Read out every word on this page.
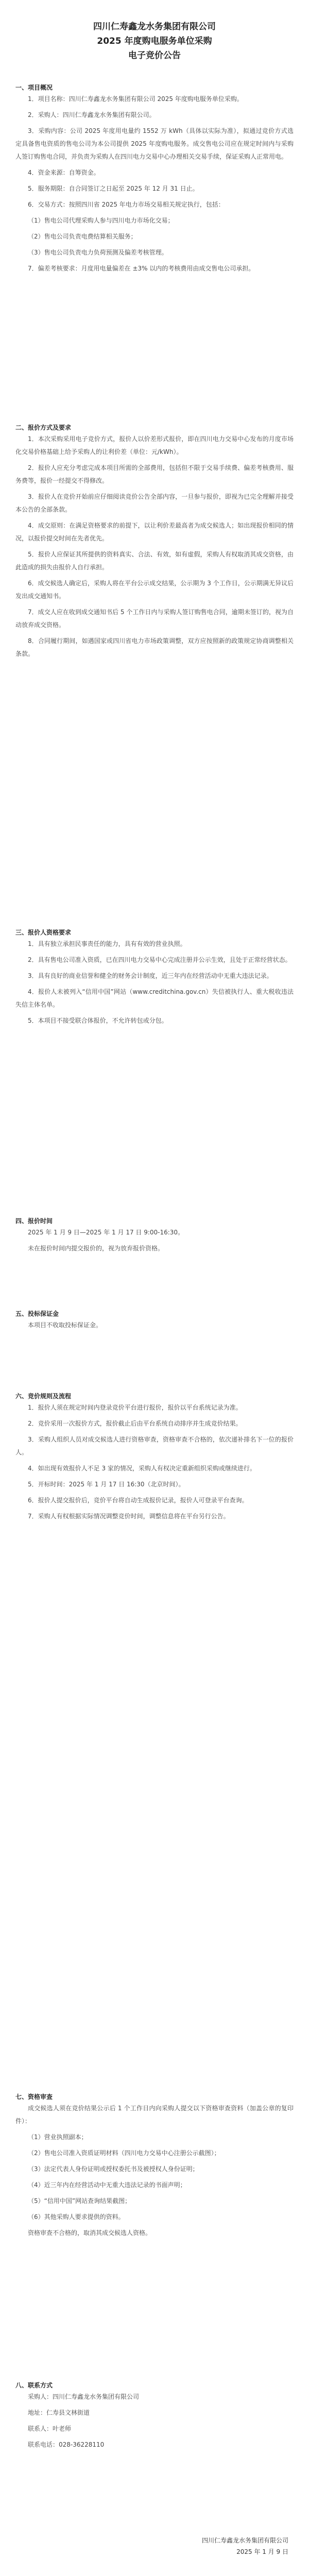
四川仁寿鑫龙水务集团有限公司
2025 年度购电服务单位采购
电子竞价公告
一、项目概况

1．项目名称：四川仁寿鑫龙水务集团有限公司 2025 年度购电服务单位采购。

2．采购人：四川仁寿鑫龙水务集团有限公司。

3．采购内容：公司 2025 年度用电量约 1552 万 kWh（具体以实际为准），拟通过竞价方式选定具备售电资质的售电公司为本公司提供 2025 年度购电服务。成交售电公司应在规定时间内与采购人签订购售电合同，并负责为采购人在四川电力交易中心办理相关交易手续，保证采购人正常用电。

4．资金来源：自筹资金。

5．服务期限：自合同签订之日起至 2025 年 12 月 31 日止。

6．交易方式：按照四川省 2025 年电力市场交易相关规定执行，包括：

（1）售电公司代理采购人参与四川电力市场化交易；

（2）售电公司负责电费结算相关服务；

（3）售电公司负责电力负荷预测及偏差考核管理。

7．偏差考核要求：月度用电量偏差在 ±3% 以内的考核费用由成交售电公司承担。

二、报价方式及要求

1．本次采购采用电子竞价方式，报价人以价差形式报价，即在四川电力交易中心发布的月度市场化交易价格基础上给予采购人的让利价差（单位：元/kWh）。

2．报价人应充分考虑完成本项目所需的全部费用，包括但不限于交易手续费、偏差考核费用、服务费等，报价一经提交不得修改。

3．报价人在竞价开始前应仔细阅读竞价公告全部内容，一旦参与报价，即视为已完全理解并接受本公告的全部条款。

4．成交原则：在满足资格要求的前提下，以让利价差最高者为成交候选人；如出现报价相同的情况，以报价提交时间在先者优先。

5．报价人应保证其所提供的资料真实、合法、有效，如有虚假，采购人有权取消其成交资格，由此造成的损失由报价人自行承担。

6．成交候选人确定后，采购人将在平台公示成交结果，公示期为 3 个工作日，公示期满无异议后发出成交通知书。

7．成交人应在收到成交通知书后 5 个工作日内与采购人签订购售电合同，逾期未签订的，视为自动放弃成交资格。

8．合同履行期间，如遇国家或四川省电力市场政策调整，双方应按照新的政策规定协商调整相关条款。

三、报价人资格要求

1．具有独立承担民事责任的能力，具有有效的营业执照。

2．具有售电公司准入资质，已在四川电力交易中心完成注册并公示生效，且处于正常经营状态。

3．具有良好的商业信誉和健全的财务会计制度，近三年内在经营活动中无重大违法记录。

4．报价人未被列入“信用中国”网站（www.creditchina.gov.cn）失信被执行人、重大税收违法失信主体名单。

5．本项目不接受联合体报价，不允许转包或分包。

四、报价时间

2025 年 1 月 9 日—2025 年 1 月 17 日 9:00-16:30。

未在报价时间内提交报价的，视为放弃报价资格。

五、投标保证金

本项目不收取投标保证金。

六、竞价规则及流程

1．报价人须在规定时间内登录竞价平台进行报价，报价以平台系统记录为准。

2．竞价采用一次报价方式，报价截止后由平台系统自动排序并生成竞价结果。

3．采购人组织人员对成交候选人进行资格审查，资格审查不合格的，依次递补排名下一位的报价人。

4．如出现有效报价人不足 3 家的情况，采购人有权决定重新组织采购或继续进行。

5．开标时间：2025 年 1 月 17 日 16:30（北京时间）。

6．报价人提交报价后，竞价平台将自动生成报价记录，报价人可登录平台查询。

7．采购人有权根据实际情况调整竞价时间，调整信息将在平台另行公告。

七、资格审查

成交候选人须在竞价结果公示后 1 个工作日内向采购人提交以下资格审查资料（加盖公章的复印件）：

（1）营业执照副本；

（2）售电公司准入资质证明材料（四川电力交易中心注册公示截图）；

（3）法定代表人身份证明或授权委托书及被授权人身份证明；

（4）近三年内在经营活动中无重大违法记录的书面声明；

（5）“信用中国”网站查询结果截图；

（6）其他采购人要求提供的资料。

资格审查不合格的，取消其成交候选人资格。

八、联系方式

采购人：四川仁寿鑫龙水务集团有限公司

地址：仁寿县文林街道

联系人：叶老师

联系电话：028-36228110

四川仁寿鑫龙水务集团有限公司
2025 年 1 月 9 日
